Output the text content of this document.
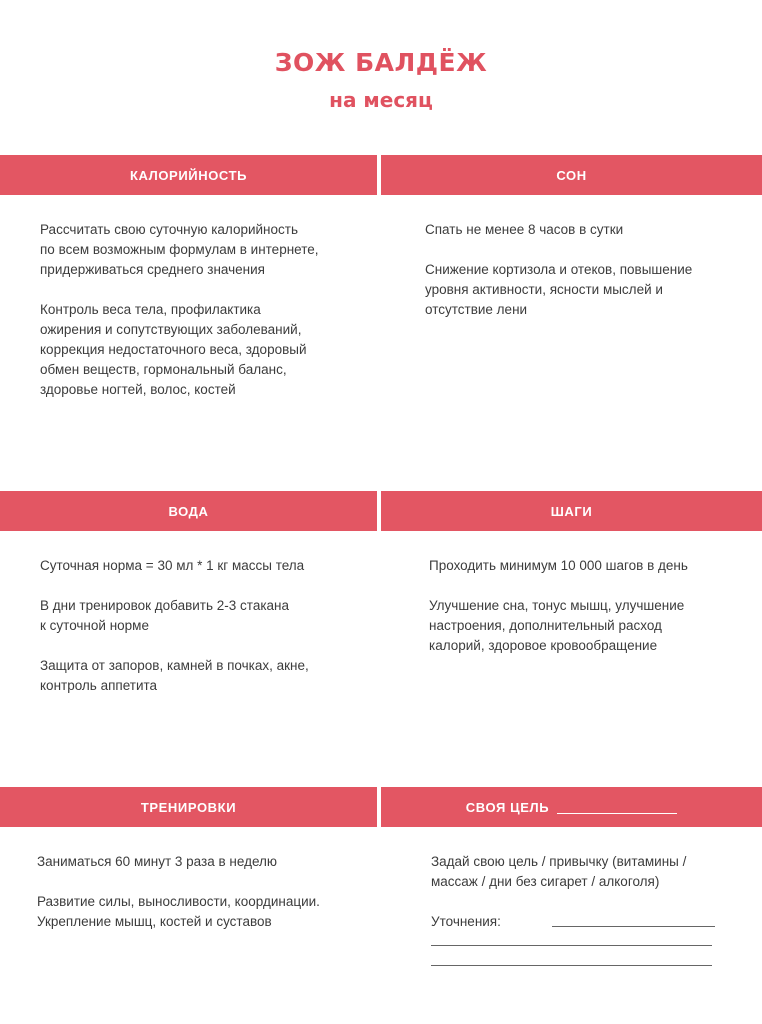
ЗОЖ БАЛДЁЖ
на месяц
КАЛОРИЙНОСТЬ	СОН

Рассчитать свою суточную калорийность
по всем возможным формулам в интернете,
придерживаться среднего значения

Контроль веса тела, профилактика
ожирения и сопутствующих заболеваний,
коррекция недостаточного веса, здоровый
обмен веществ, гормональный баланс,
здоровье ногтей, волос, костей

Спать не менее 8 часов в сутки

Снижение кортизола и отеков, повышение
уровня активности, ясности мыслей и
отсутствие лени

ВОДА	ШАГИ

Суточная норма = 30 мл * 1 кг массы тела

В дни тренировок добавить 2-3 стакана
к суточной норме

Защита от запоров, камней в почках, акне,
контроль аппетита

Проходить минимум 10 000 шагов в день

Улучшение сна, тонус мышц, улучшение
настроения, дополнительный расход
калорий, здоровое кровообращение

ТРЕНИРОВКИ	СВОЯ ЦЕЛЬ

Заниматься 60 минут 3 раза в неделю

Развитие силы, выносливости, координации.
Укрепление мышц, костей и суставов

Задай свою цель / привычку (витамины /
массаж / дни без сигарет / алкоголя)

Уточнения:
